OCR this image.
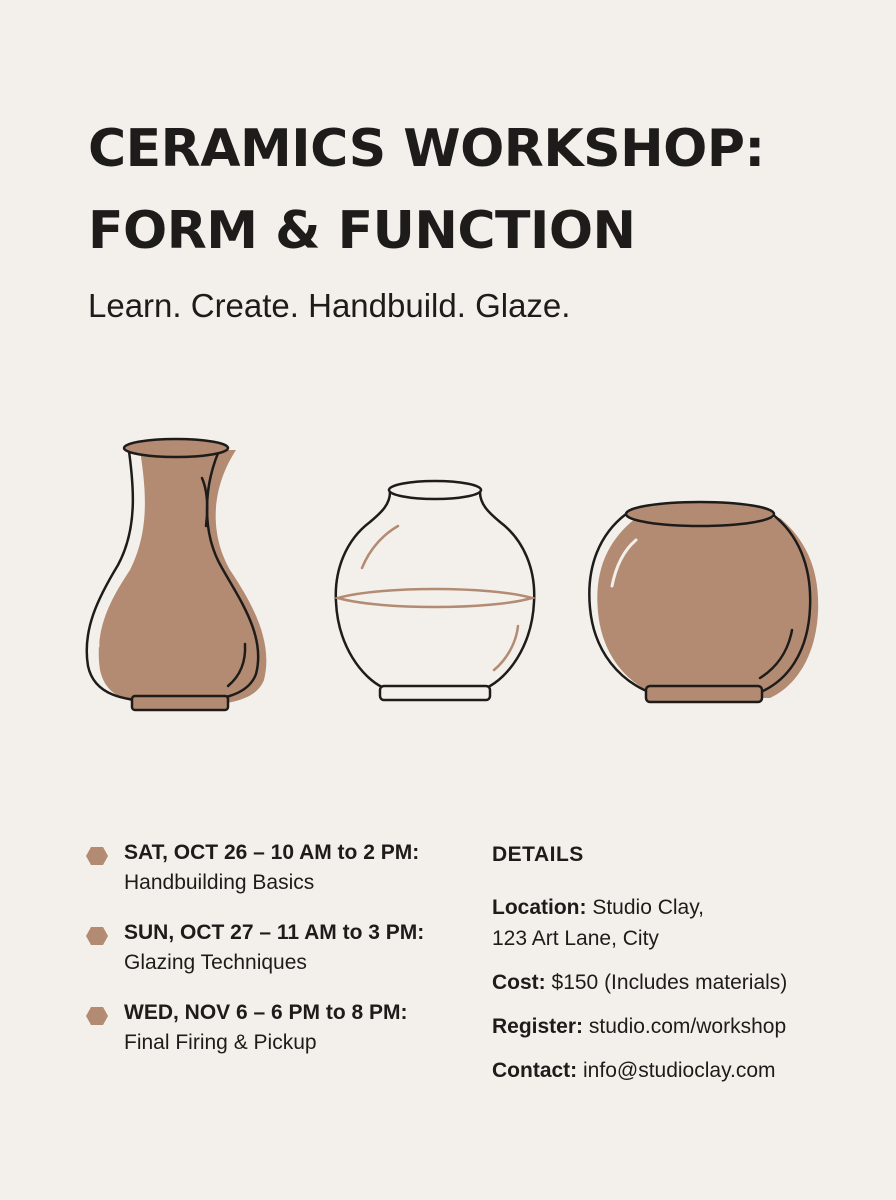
CERAMICS WORKSHOP:
FORM & FUNCTION
Learn. Create. Handbuild. Glaze.
SAT, OCT 26 – 10 AM to 2 PM:
Handbuilding Basics
SUN, OCT 27 – 11 AM to 3 PM:
Glazing Techniques
WED, NOV 6 – 6 PM to 8 PM:
Final Firing & Pickup
DETAILS
Location: Studio Clay,
123 Art Lane, City
Cost: $150 (Includes materials)
Register: studio.com/workshop
Contact: info@studioclay.com
